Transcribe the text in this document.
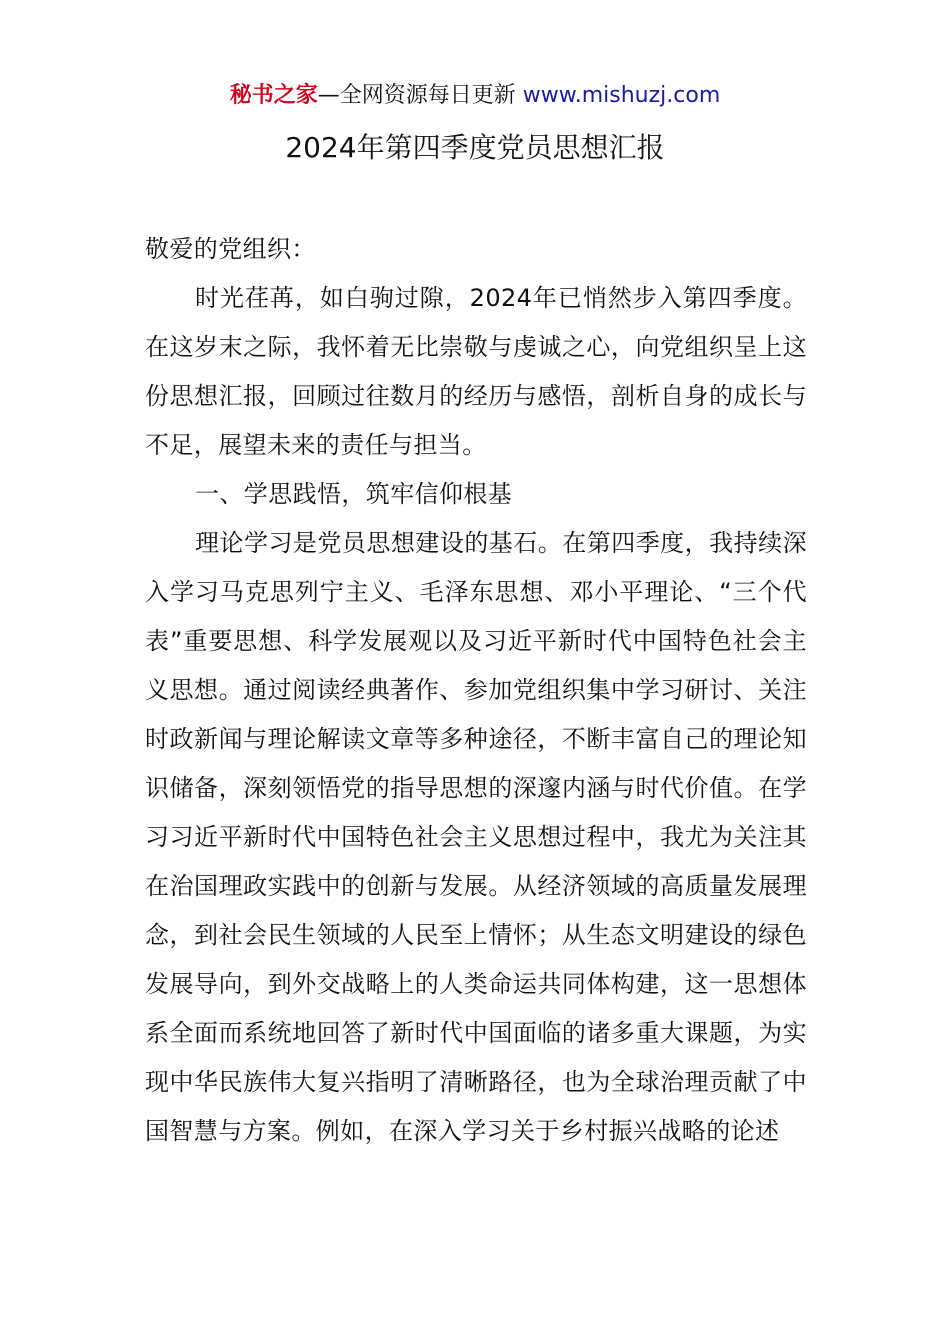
秘书之家—全网资源每日更新 www.mishuzj.com
2024年第四季度党员思想汇报

敬爱的党组织：

时光荏苒，如白驹过隙，2024年已悄然步入第四季度。在这岁末之际，我怀着无比崇敬与虔诚之心，向党组织呈上这份思想汇报，回顾过往数月的经历与感悟，剖析自身的成长与不足，展望未来的责任与担当。

一、学思践悟，筑牢信仰根基

理论学习是党员思想建设的基石。在第四季度，我持续深入学习马克思列宁主义、毛泽东思想、邓小平理论、“三个代表”重要思想、科学发展观以及习近平新时代中国特色社会主义思想。通过阅读经典著作、参加党组织集中学习研讨、关注时政新闻与理论解读文章等多种途径，不断丰富自己的理论知识储备，深刻领悟党的指导思想的深邃内涵与时代价值。在学习习近平新时代中国特色社会主义思想过程中，我尤为关注其在治国理政实践中的创新与发展。从经济领域的高质量发展理念，到社会民生领域的人民至上情怀；从生态文明建设的绿色发展导向，到外交战略上的人类命运共同体构建，这一思想体系全面而系统地回答了新时代中国面临的诸多重大课题，为实现中华民族伟大复兴指明了清晰路径，也为全球治理贡献了中国智慧与方案。例如，在深入学习关于乡村振兴战略的论述
